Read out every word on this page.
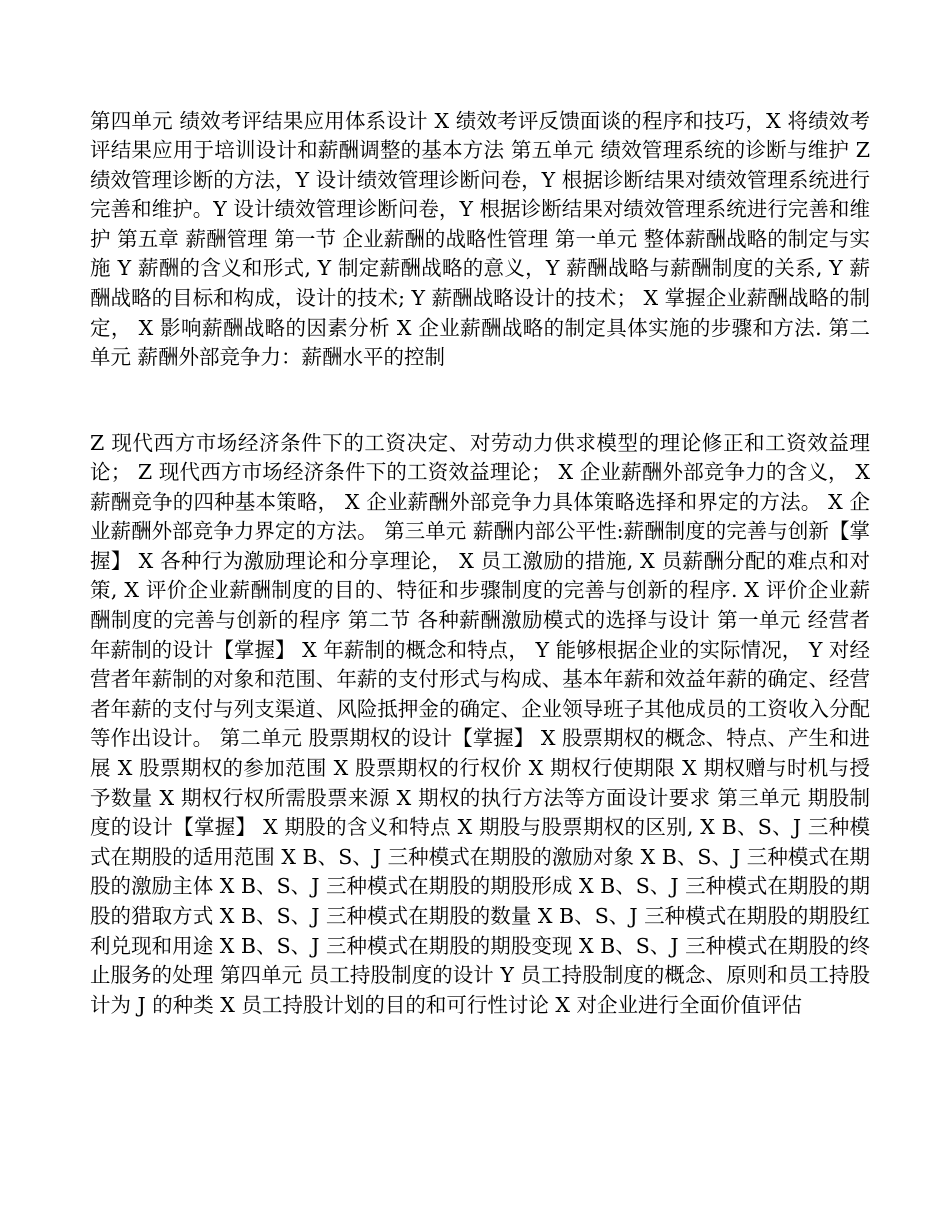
第四单元 绩效考评结果应用体系设计 X 绩效考评反馈面谈的程序和技巧，X 将绩效考评结果应用于培训设计和薪酬调整的基本方法 第五单元 绩效管理系统的诊断与维护 Z 绩效管理诊断的方法，Y 设计绩效管理诊断问卷，Y 根据诊断结果对绩效管理系统进行完善和维护。Y 设计绩效管理诊断问卷，Y 根据诊断结果对绩效管理系统进行完善和维护 第五章 薪酬管理 第一节 企业薪酬的战略性管理 第一单元 整体薪酬战略的制定与实施 Y 薪酬的含义和形式, Y 制定薪酬战略的意义，Y 薪酬战略与薪酬制度的关系, Y 薪酬战略的目标和构成，设计的技术; Y 薪酬战略设计的技术； X 掌握企业薪酬战略的制定， X 影响薪酬战略的因素分析 X 企业薪酬战略的制定具体实施的步骤和方法. 第二单元 薪酬外部竞争力：薪酬水平的控制

Z 现代西方市场经济条件下的工资决定、对劳动力供求模型的理论修正和工资效益理论； Z 现代西方市场经济条件下的工资效益理论； X 企业薪酬外部竞争力的含义， X 薪酬竞争的四种基本策略， X 企业薪酬外部竞争力具体策略选择和界定的方法。 X 企业薪酬外部竞争力界定的方法。 第三单元 薪酬内部公平性:薪酬制度的完善与创新【掌握】 X 各种行为激励理论和分享理论， X 员工激励的措施, X 员薪酬分配的难点和对策, X 评价企业薪酬制度的目的、特征和步骤制度的完善与创新的程序. X 评价企业薪酬制度的完善与创新的程序 第二节 各种薪酬激励模式的选择与设计 第一单元 经营者年薪制的设计【掌握】 X 年薪制的概念和特点， Y 能够根据企业的实际情况， Y 对经营者年薪制的对象和范围、年薪的支付形式与构成、基本年薪和效益年薪的确定、经营者年薪的支付与列支渠道、风险抵押金的确定、企业领导班子其他成员的工资收入分配等作出设计。 第二单元 股票期权的设计【掌握】 X 股票期权的概念、特点、产生和进展 X 股票期权的参加范围 X 股票期权的行权价 X 期权行使期限 X 期权赠与时机与授予数量 X 期权行权所需股票来源 X 期权的执行方法等方面设计要求 第三单元 期股制度的设计【掌握】 X 期股的含义和特点 X 期股与股票期权的区别, X B、S、J 三种模式在期股的适用范围 X B、S、J 三种模式在期股的激励对象 X B、S、J 三种模式在期股的激励主体 X B、S、J 三种模式在期股的期股形成 X B、S、J 三种模式在期股的期股的猎取方式 X B、S、J 三种模式在期股的数量 X B、S、J 三种模式在期股的期股红利兑现和用途 X B、S、J 三种模式在期股的期股变现 X B、S、J 三种模式在期股的终止服务的处理 第四单元 员工持股制度的设计 Y 员工持股制度的概念、原则和员工持股计为 J 的种类 X 员工持股计划的目的和可行性讨论 X 对企业进行全面价值评估
